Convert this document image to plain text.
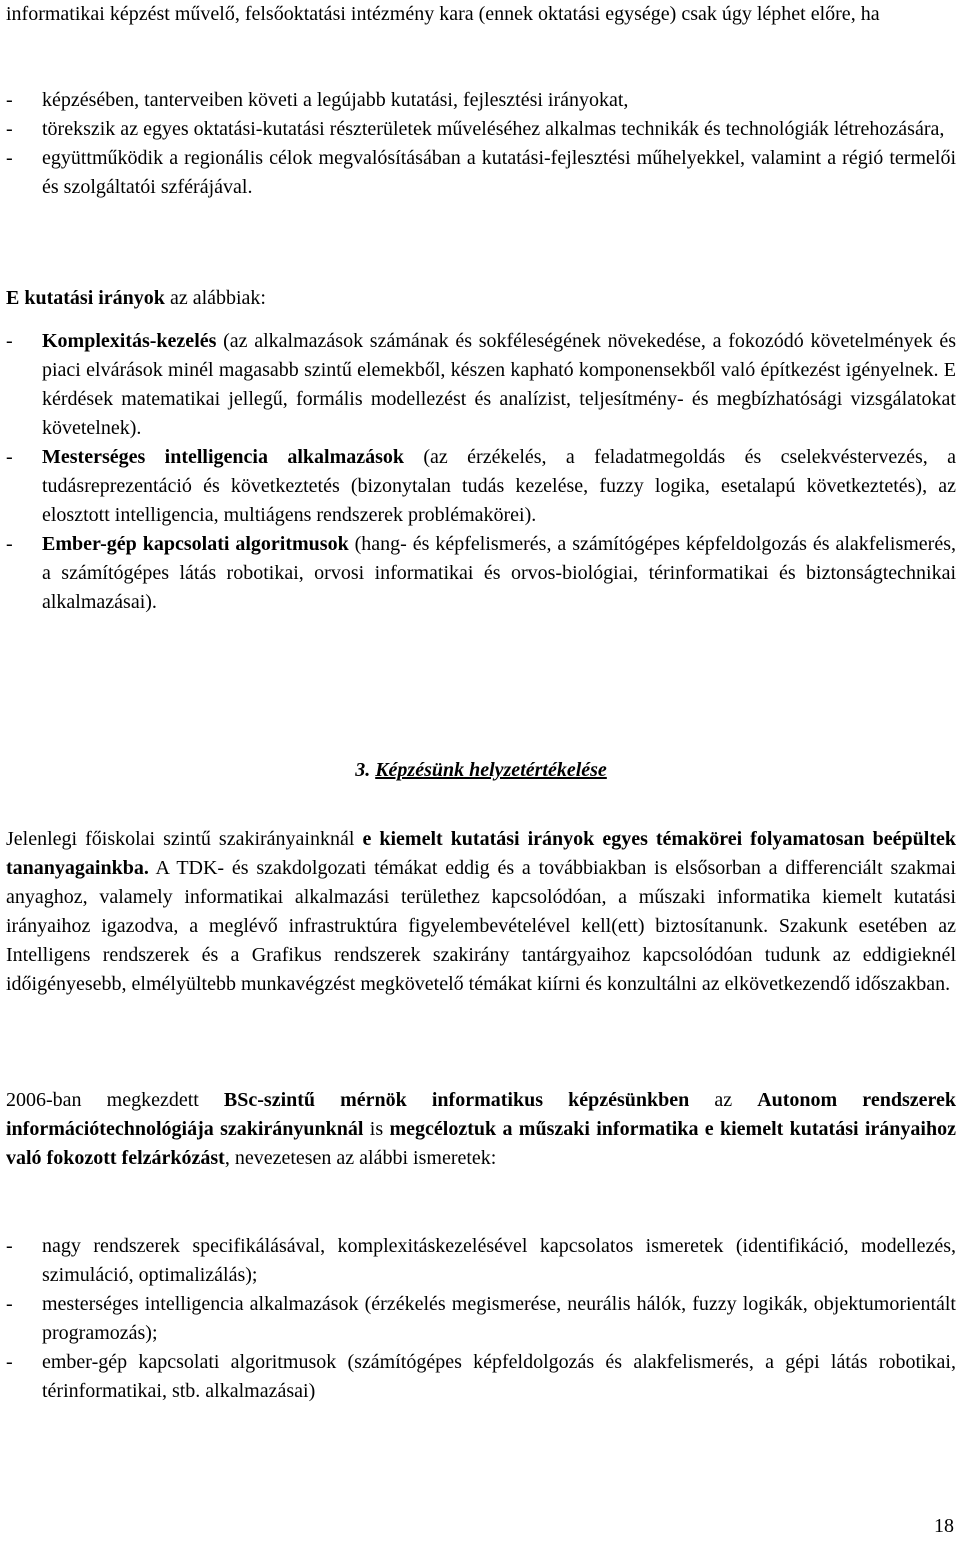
informatikai képzést művelő, felsőoktatási intézmény kara (ennek oktatási egysége) csak úgy léphet előre, ha

- képzésében, tanterveiben követi a legújabb kutatási, fejlesztési irányokat,
- törekszik az egyes oktatási-kutatási részterületek műveléséhez alkalmas technikák és technológiák létrehozására,
- együttműködik a regionális célok megvalósításában a kutatási-fejlesztési műhelyekkel, valamint a régió termelői és szolgáltatói szférájával.

E kutatási irányok az alábbiak:

- Komplexitás-kezelés (az alkalmazások számának és sokféleségének növekedése, a fokozódó követelmények és piaci elvárások minél magasabb szintű elemekből, készen kapható komponensekből való építkezést igényelnek. E kérdések matematikai jellegű, formális modellezést és analízist, teljesítmény- és megbízhatósági vizsgálatokat követelnek).
- Mesterséges intelligencia alkalmazások (az érzékelés, a feladatmegoldás és cselekvéstervezés, a tudásreprezentáció és következtetés (bizonytalan tudás kezelése, fuzzy logika, esetalapú következtetés), az elosztott intelligencia, multiágens rendszerek problémakörei).
- Ember-gép kapcsolati algoritmusok (hang- és képfelismerés, a számítógépes képfeldolgozás és alakfelismerés, a számítógépes látás robotikai, orvosi informatikai és orvos-biológiai, térinformatikai és biztonságtechnikai alkalmazásai).

3. Képzésünk helyzetértékelése

Jelenlegi főiskolai szintű szakirányainknál e kiemelt kutatási irányok egyes témakörei folyamatosan beépültek tananyagainkba. A TDK- és szakdolgozati témákat eddig és a továbbiakban is elsősorban a differenciált szakmai anyaghoz, valamely informatikai alkalmazási területhez kapcsolódóan, a műszaki informatika kiemelt kutatási irányaihoz igazodva, a meglévő infrastruktúra figyelembevételével kell(ett) biztosítanunk. Szakunk esetében az Intelligens rendszerek és a Grafikus rendszerek szakirány tantárgyaihoz kapcsolódóan tudunk az eddigieknél időigényesebb, elmélyültebb munkavégzést megkövetelő témákat kiírni és konzultálni az elkövetkezendő időszakban.

2006-ban megkezdett BSc-szintű mérnök informatikus képzésünkben az Autonom rendszerek információtechnológiája szakirányunknál is megcéloztuk a műszaki informatika e kiemelt kutatási irányaihoz való fokozott felzárkózást, nevezetesen az alábbi ismeretek:

- nagy rendszerek specifikálásával, komplexitáskezelésével kapcsolatos ismeretek (identifikáció, modellezés, szimuláció, optimalizálás);
- mesterséges intelligencia alkalmazások (érzékelés megismerése, neurális hálók, fuzzy logikák, objektumorientált programozás);
- ember-gép kapcsolati algoritmusok (számítógépes képfeldolgozás és alakfelismerés, a gépi látás robotikai, térinformatikai, stb. alkalmazásai)
18
